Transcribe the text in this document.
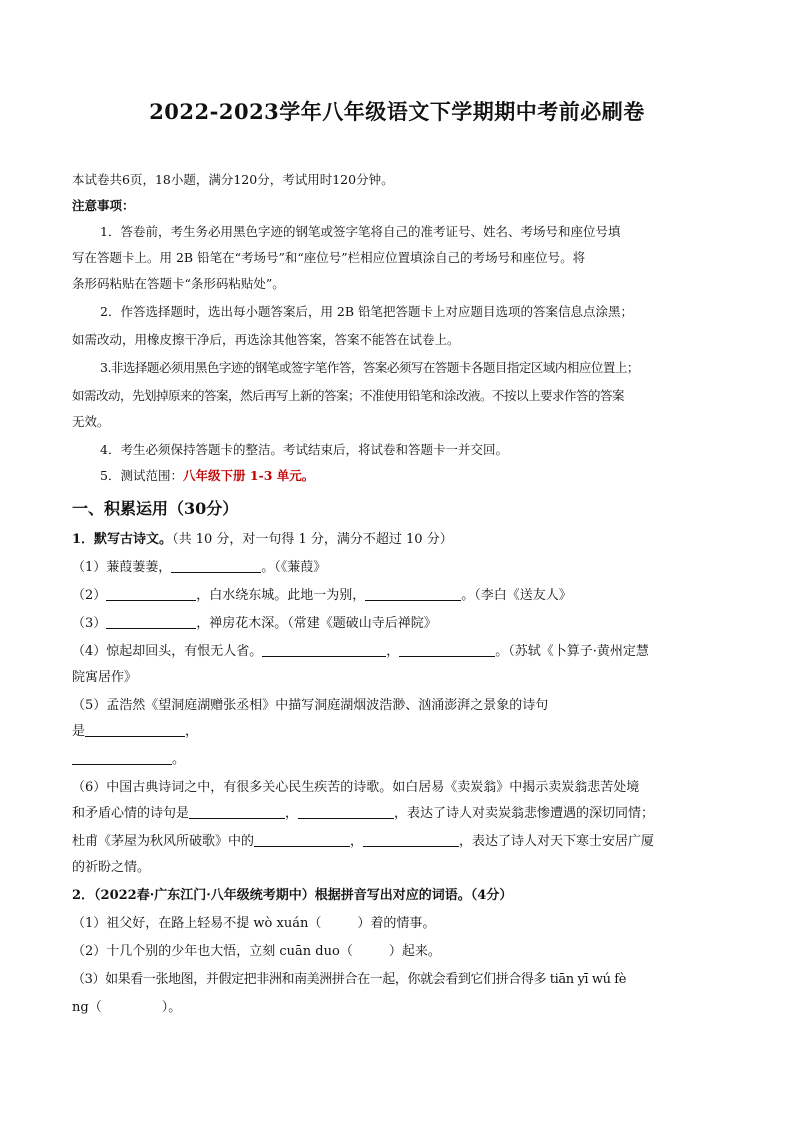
2022-2023学年八年级语文下学期期中考前必刷卷
本试卷共6页，18小题，满分120分，考试用时120分钟。
注意事项：
1．答卷前，考生务必用黑色字迹的钢笔或签字笔将自己的准考证号、姓名、考场号和座位号填
写在答题卡上。用 2B 铅笔在“考场号”和“座位号”栏相应位置填涂自己的考场号和座位号。将
条形码粘贴在答题卡“条形码粘贴处”。
2．作答选择题时，选出每小题答案后，用 2B 铅笔把答题卡上对应题目选项的答案信息点涂黑；
如需改动，用橡皮擦干净后，再选涂其他答案，答案不能答在试卷上。
3.非选择题必须用黑色字迹的钢笔或签字笔作答，答案必须写在答题卡各题目指定区域内相应位置上；
如需改动，先划掉原来的答案，然后再写上新的答案；不准使用铅笔和涂改液。不按以上要求作答的答案
无效。
4．考生必须保持答题卡的整洁。考试结束后，将试卷和答题卡一并交回。
5．测试范围：八年级下册 1-3 单元。
一、积累运用（30分）
1．默写古诗文。（共 10 分，对一句得 1 分，满分不超过 10 分）
（1）蒹葭萋萋，	。（《蒹葭》
（2）	，白水绕东城。此地一为别，	。（李白《送友人》
（3）	，禅房花木深。（常建《题破山寺后禅院》
（4）惊起却回头，有恨无人省。	，	。（苏轼《卜算子·黄州定慧
院寓居作》
（5）孟浩然《望洞庭湖赠张丞相》中描写洞庭湖烟波浩渺、汹涌澎湃之景象的诗句
是	，
。
（6）中国古典诗词之中，有很多关心民生疾苦的诗歌。如白居易《卖炭翁》中揭示卖炭翁悲苦处境
和矛盾心情的诗句是	，	，表达了诗人对卖炭翁悲惨遭遇的深切同情；
杜甫《茅屋为秋风所破歌》中的	，	，表达了诗人对天下寒士安居广厦
的祈盼之情。
2．（2022春·广东江门·八年级统考期中）根据拼音写出对应的词语。（4分）
（1）祖父好，在路上轻易不提 wò xuán（	）着的情事。
（2）十几个别的少年也大悟，立刻 cuān duo（	）起来。
（3）如果看一张地图，并假定把非洲和南美洲拼合在一起，你就会看到它们拼合得多 tiān yī wú fè
ng（	）。
